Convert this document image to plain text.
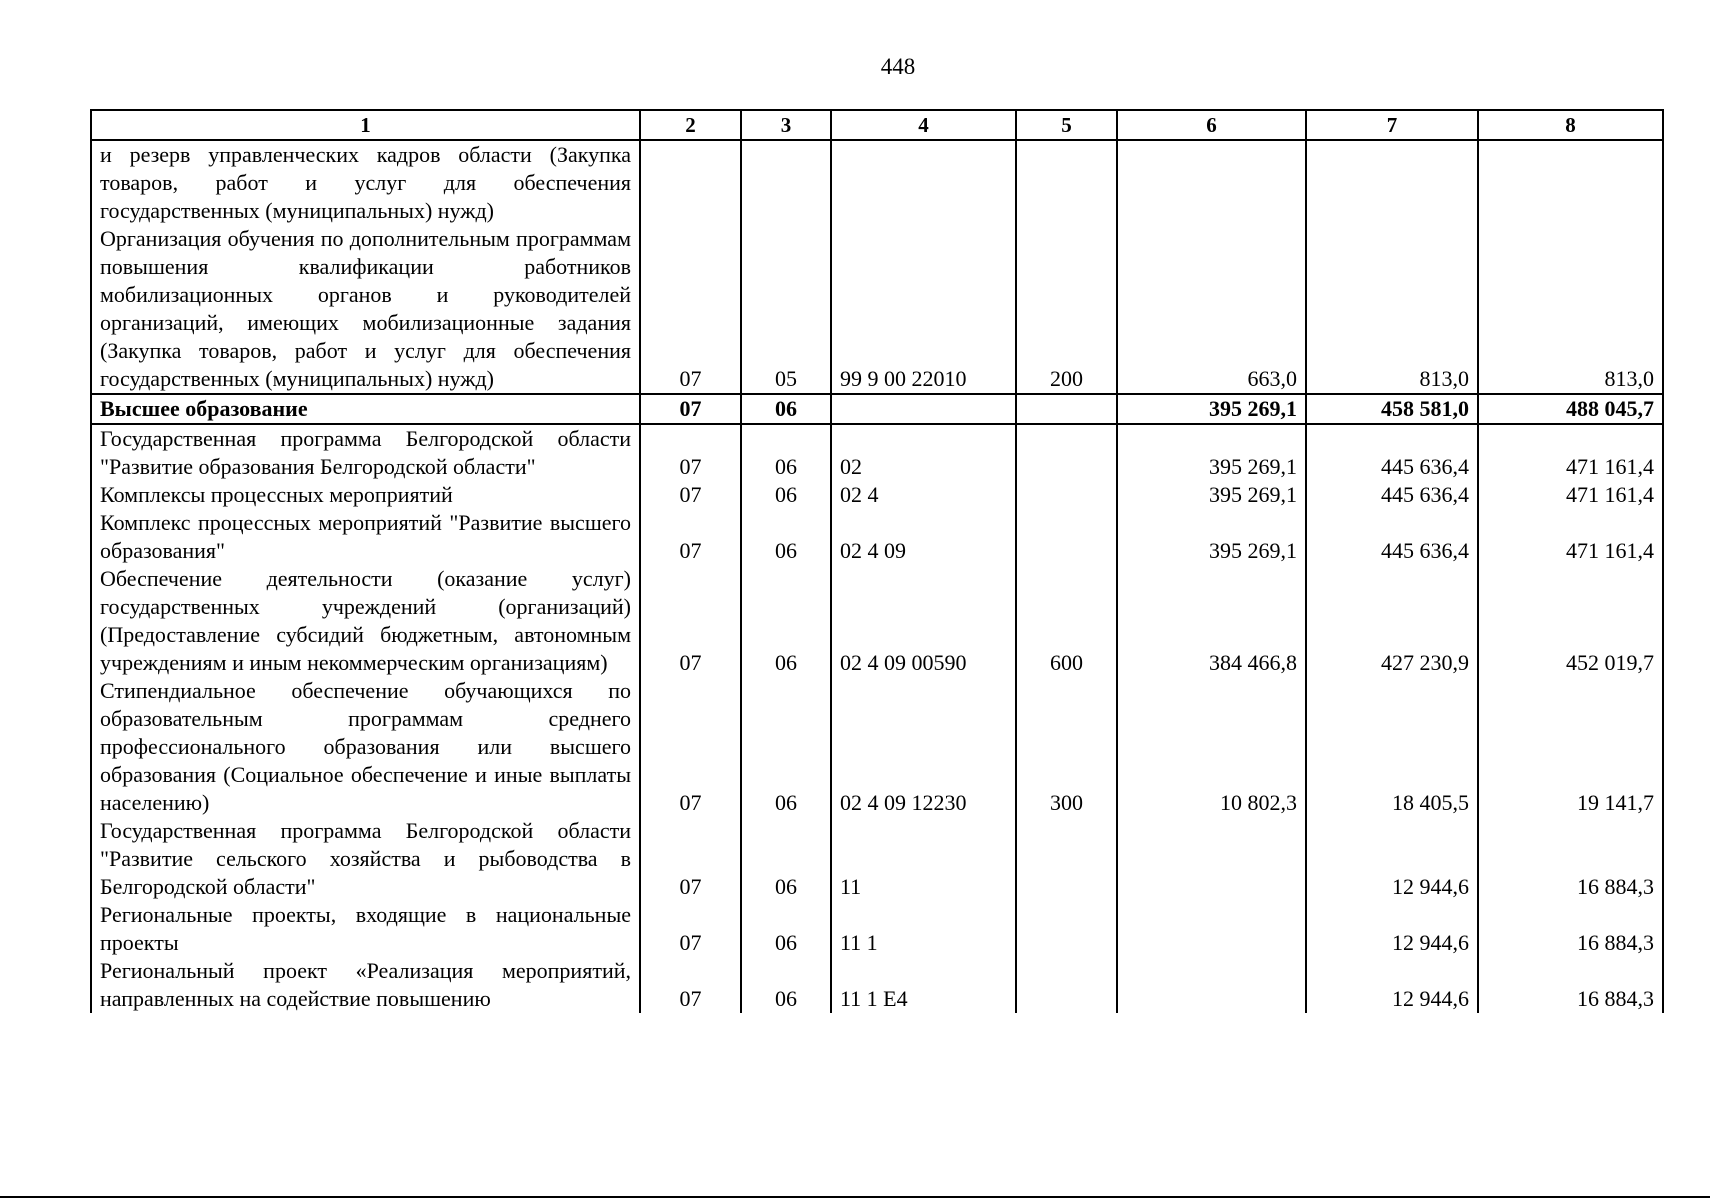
448
1	2	3	4	5	6	7	8
и резерв управленческих кадров области (Закупка товаров, работ и услуг для обеспечения государственных (муниципальных) нужд)							
Организация обучения по дополнительным программам повышения квалификации работников мобилизационных органов и руководителей организаций, имеющих мобилизационные задания (Закупка товаров, работ и услуг для обеспечения государственных (муниципальных) нужд)	07	05	99 9 00 22010	200	663,0	813,0	813,0
Высшее образование	07	06			395 269,1	458 581,0	488 045,7
Государственная программа Белгородской области "Развитие образования Белгородской области"	07	06	02		395 269,1	445 636,4	471 161,4
Комплексы процессных мероприятий	07	06	02 4		395 269,1	445 636,4	471 161,4
Комплекс процессных мероприятий "Развитие высшего образования"	07	06	02 4 09		395 269,1	445 636,4	471 161,4
Обеспечение деятельности (оказание услуг) государственных учреждений (организаций) (Предоставление субсидий бюджетным, автономным учреждениям и иным некоммерческим организациям)	07	06	02 4 09 00590	600	384 466,8	427 230,9	452 019,7
Стипендиальное обеспечение обучающихся по образовательным программам среднего профессионального образования или высшего образования (Социальное обеспечение и иные выплаты населению)	07	06	02 4 09 12230	300	10 802,3	18 405,5	19 141,7
Государственная программа Белгородской области "Развитие сельского хозяйства и рыбоводства в Белгородской области"	07	06	11			12 944,6	16 884,3
Региональные проекты, входящие в национальные проекты	07	06	11 1			12 944,6	16 884,3
Региональный проект «Реализация мероприятий, направленных на содействие повышению	07	06	11 1 Е4			12 944,6	16 884,3
